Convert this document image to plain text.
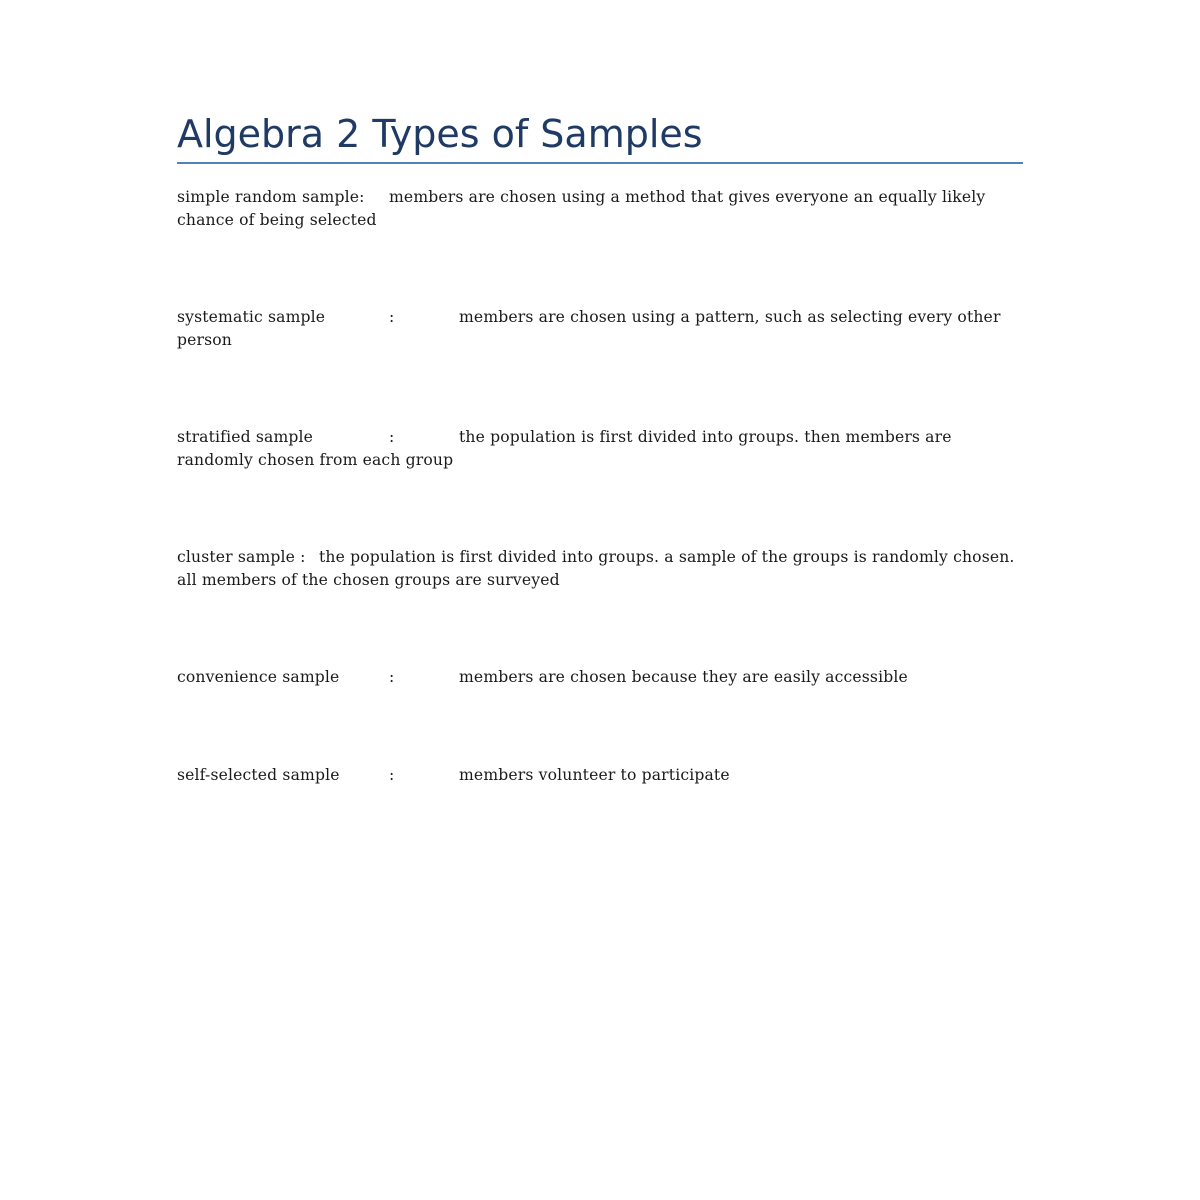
Algebra 2 Types of Samples

simple random sample: members are chosen using a method that gives everyone an equally likely chance of being selected

systematic sample	:	members are chosen using a pattern, such as selecting every other person

stratified sample	:	the population is first divided into groups. then members are randomly chosen from each group

cluster sample : the population is first divided into groups. a sample of the groups is randomly chosen. all members of the chosen groups are surveyed

convenience sample	:	members are chosen because they are easily accessible

self-selected sample	:	members volunteer to participate
